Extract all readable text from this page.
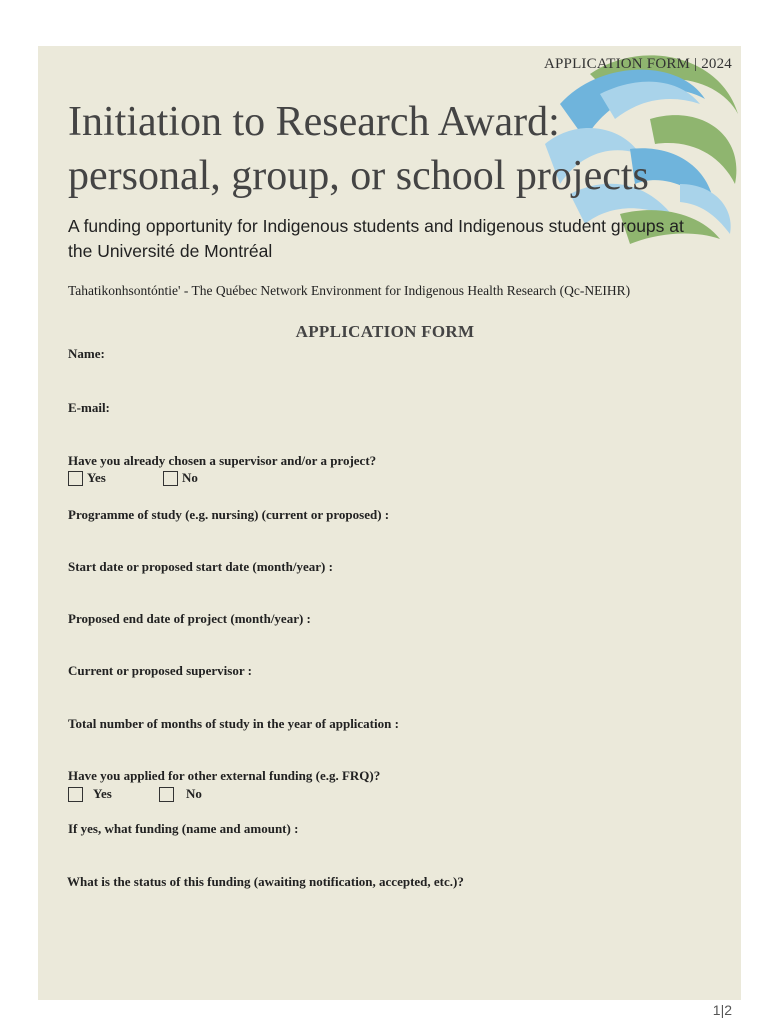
APPLICATION FORM | 2024
Initiation to Research Award:
personal, group, or school projects
A funding opportunity for Indigenous students and Indigenous student groups at the Université de Montréal
Tahatikonhsontóntie' - The Québec Network Environment for Indigenous Health Research (Qc-NEIHR)
APPLICATION FORM
Name:
E-mail:
Have you already chosen a supervisor and/or a project?
Yes	No
Programme of study (e.g. nursing) (current or proposed) :
Start date or proposed start date (month/year) :
Proposed end date of project (month/year) :
Current or proposed supervisor :
Total number of months of study in the year of application :
Have you applied for other external funding (e.g. FRQ)?
Yes	No
If yes, what funding (name and amount) :
What is the status of this funding (awaiting notification, accepted, etc.)?
1|2
